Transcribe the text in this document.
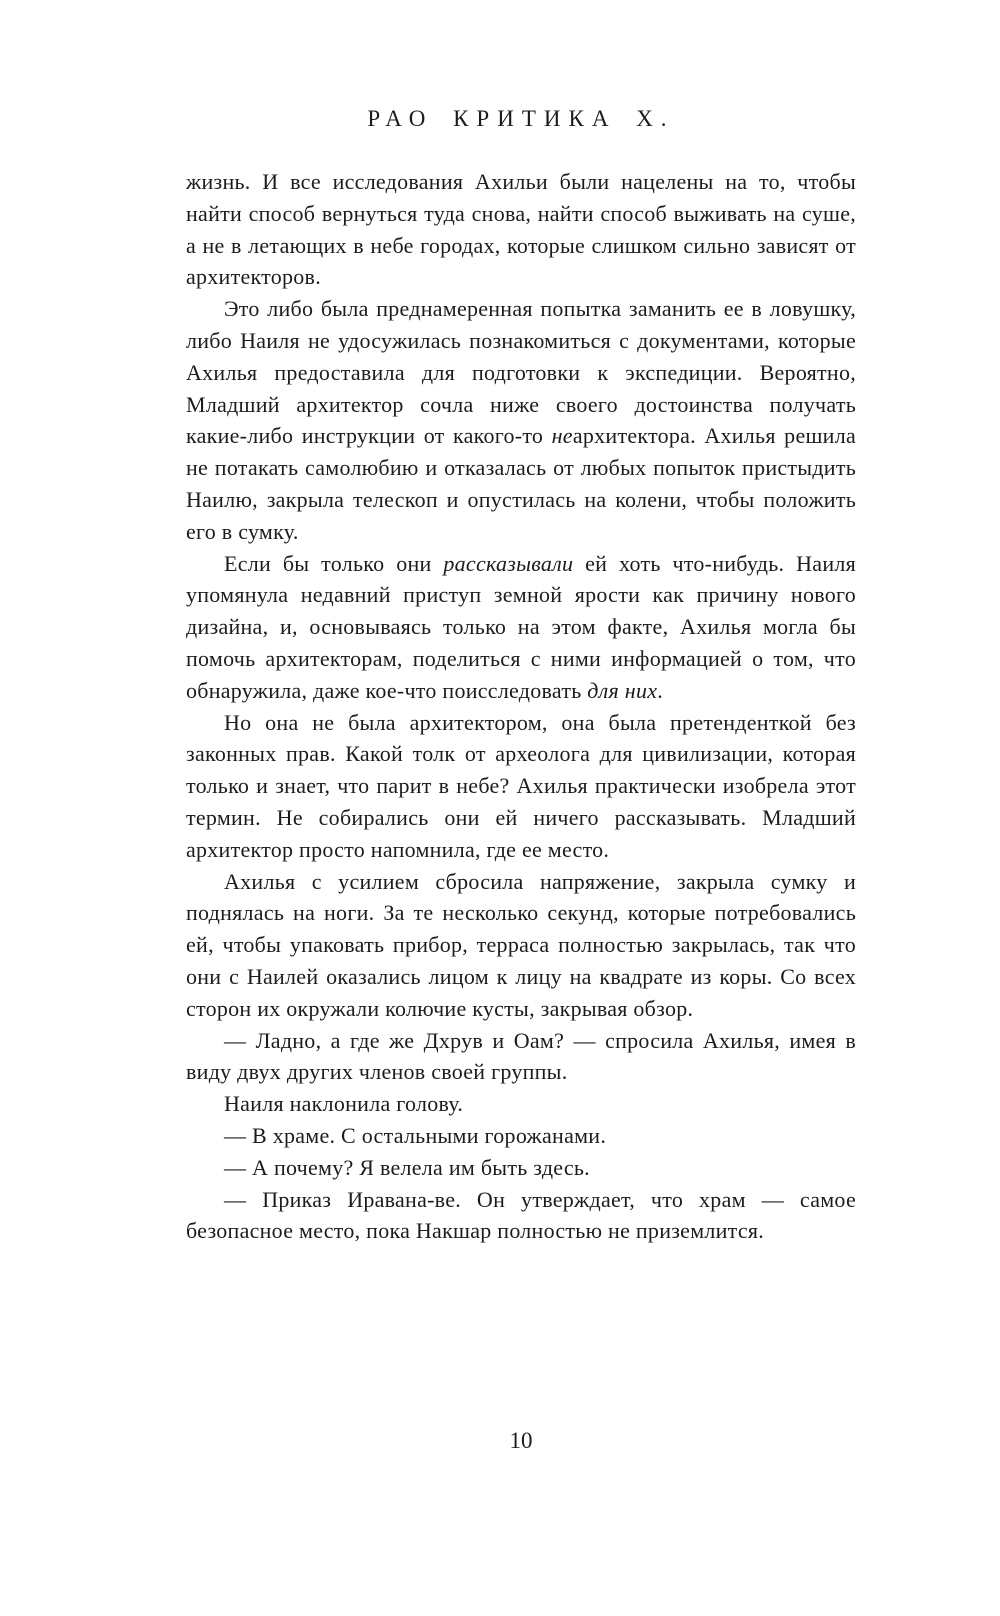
РАО КРИТИКА Х.

жизнь. И все исследования Ахильи были нацелены на то, чтобы найти способ вернуться туда снова, найти способ выживать на суше, а не в летающих в небе городах, которые слишком сильно зависят от архитекторов.

Это либо была преднамеренная попытка заманить ее в ловушку, либо Наиля не удосужилась познакомиться с документами, которые Ахилья предоставила для подготовки к экспедиции. Вероятно, Младший архитектор сочла ниже своего достоинства получать какие-либо инструкции от какого-то неархитектора. Ахилья решила не потакать самолюбию и отказалась от любых попыток пристыдить Наилю, закрыла телескоп и опустилась на колени, чтобы положить его в сумку.

Если бы только они рассказывали ей хоть что-нибудь. Наиля упомянула недавний приступ земной ярости как причину нового дизайна, и, основываясь только на этом факте, Ахилья могла бы помочь архитекторам, поделиться с ними информацией о том, что обнаружила, даже кое-что поисследовать для них.

Но она не была архитектором, она была претенденткой без законных прав. Какой толк от археолога для цивилизации, которая только и знает, что парит в небе? Ахилья практически изобрела этот термин. Не собирались они ей ничего рассказывать. Младший архитектор просто напомнила, где ее место.

Ахилья с усилием сбросила напряжение, закрыла сумку и поднялась на ноги. За те несколько секунд, которые потребовались ей, чтобы упаковать прибор, терраса полностью закрылась, так что они с Наилей оказались лицом к лицу на квадрате из коры. Со всех сторон их окружали колючие кусты, закрывая обзор.

— Ладно, а где же Дхрув и Оам? — спросила Ахилья, имея в виду двух других членов своей группы.

Наиля наклонила голову.

— В храме. С остальными горожанами.

— А почему? Я велела им быть здесь.

— Приказ Иравана-ве. Он утверждает, что храм — самое безопасное место, пока Накшар полностью не приземлится.

10
